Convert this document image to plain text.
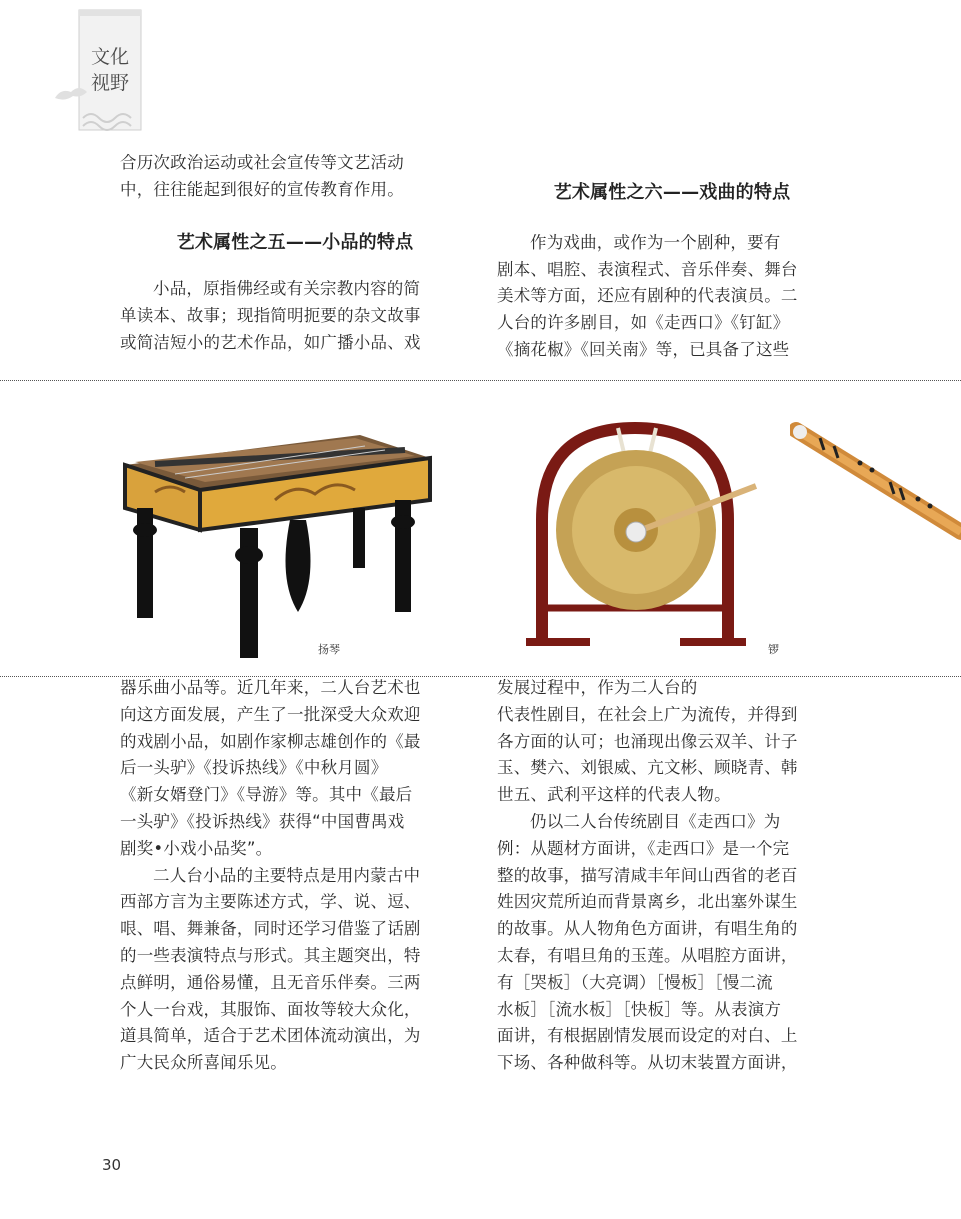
文化
视野

合历次政治运动或社会宣传等文艺活动

中，往往能起到很好的宣传教育作用。

艺术属性之五——小品的特点

小品，原指佛经或有关宗教内容的简

单读本、故事；现指简明扼要的杂文故事

或简洁短小的艺术作品，如广播小品、戏

艺术属性之六——戏曲的特点

作为戏曲，或作为一个剧种，要有

剧本、唱腔、表演程式、音乐伴奏、舞台

美术等方面，还应有剧种的代表演员。二

人台的许多剧目，如《走西口》《钉缸》

《摘花椒》《回关南》等，已具备了这些

扬琴	锣

器乐曲小品等。近几年来，二人台艺术也

向这方面发展，产生了一批深受大众欢迎

的戏剧小品，如剧作家柳志雄创作的《最

后一头驴》《投诉热线》《中秋月圆》

《新女婿登门》《导游》等。其中《最后

一头驴》《投诉热线》获得“中国曹禺戏

剧奖•小戏小品奖”。

二人台小品的主要特点是用内蒙古中

西部方言为主要陈述方式，学、说、逗、

哏、唱、舞兼备，同时还学习借鉴了话剧

的一些表演特点与形式。其主题突出，特

点鲜明，通俗易懂，且无音乐伴奏。三两

个人一台戏，其服饰、面妆等较大众化，

道具简单，适合于艺术团体流动演出，为

广大民众所喜闻乐见。

发展过程中，作为二人台的

代表性剧目，在社会上广为流传，并得到

各方面的认可；也涌现出像云双羊、计子

玉、樊六、刘银威、亢文彬、顾晓青、韩

世五、武利平这样的代表人物。

仍以二人台传统剧目《走西口》为

例：从题材方面讲，《走西口》是一个完

整的故事，描写清咸丰年间山西省的老百

姓因灾荒所迫而背景离乡，北出塞外谋生

的故事。从人物角色方面讲，有唱生角的

太春，有唱旦角的玉莲。从唱腔方面讲，

有［哭板］（大亮调）［慢板］［慢二流

水板］［流水板］［快板］等。从表演方

面讲，有根据剧情发展而设定的对白、上

下场、各种做科等。从切末装置方面讲，

30
